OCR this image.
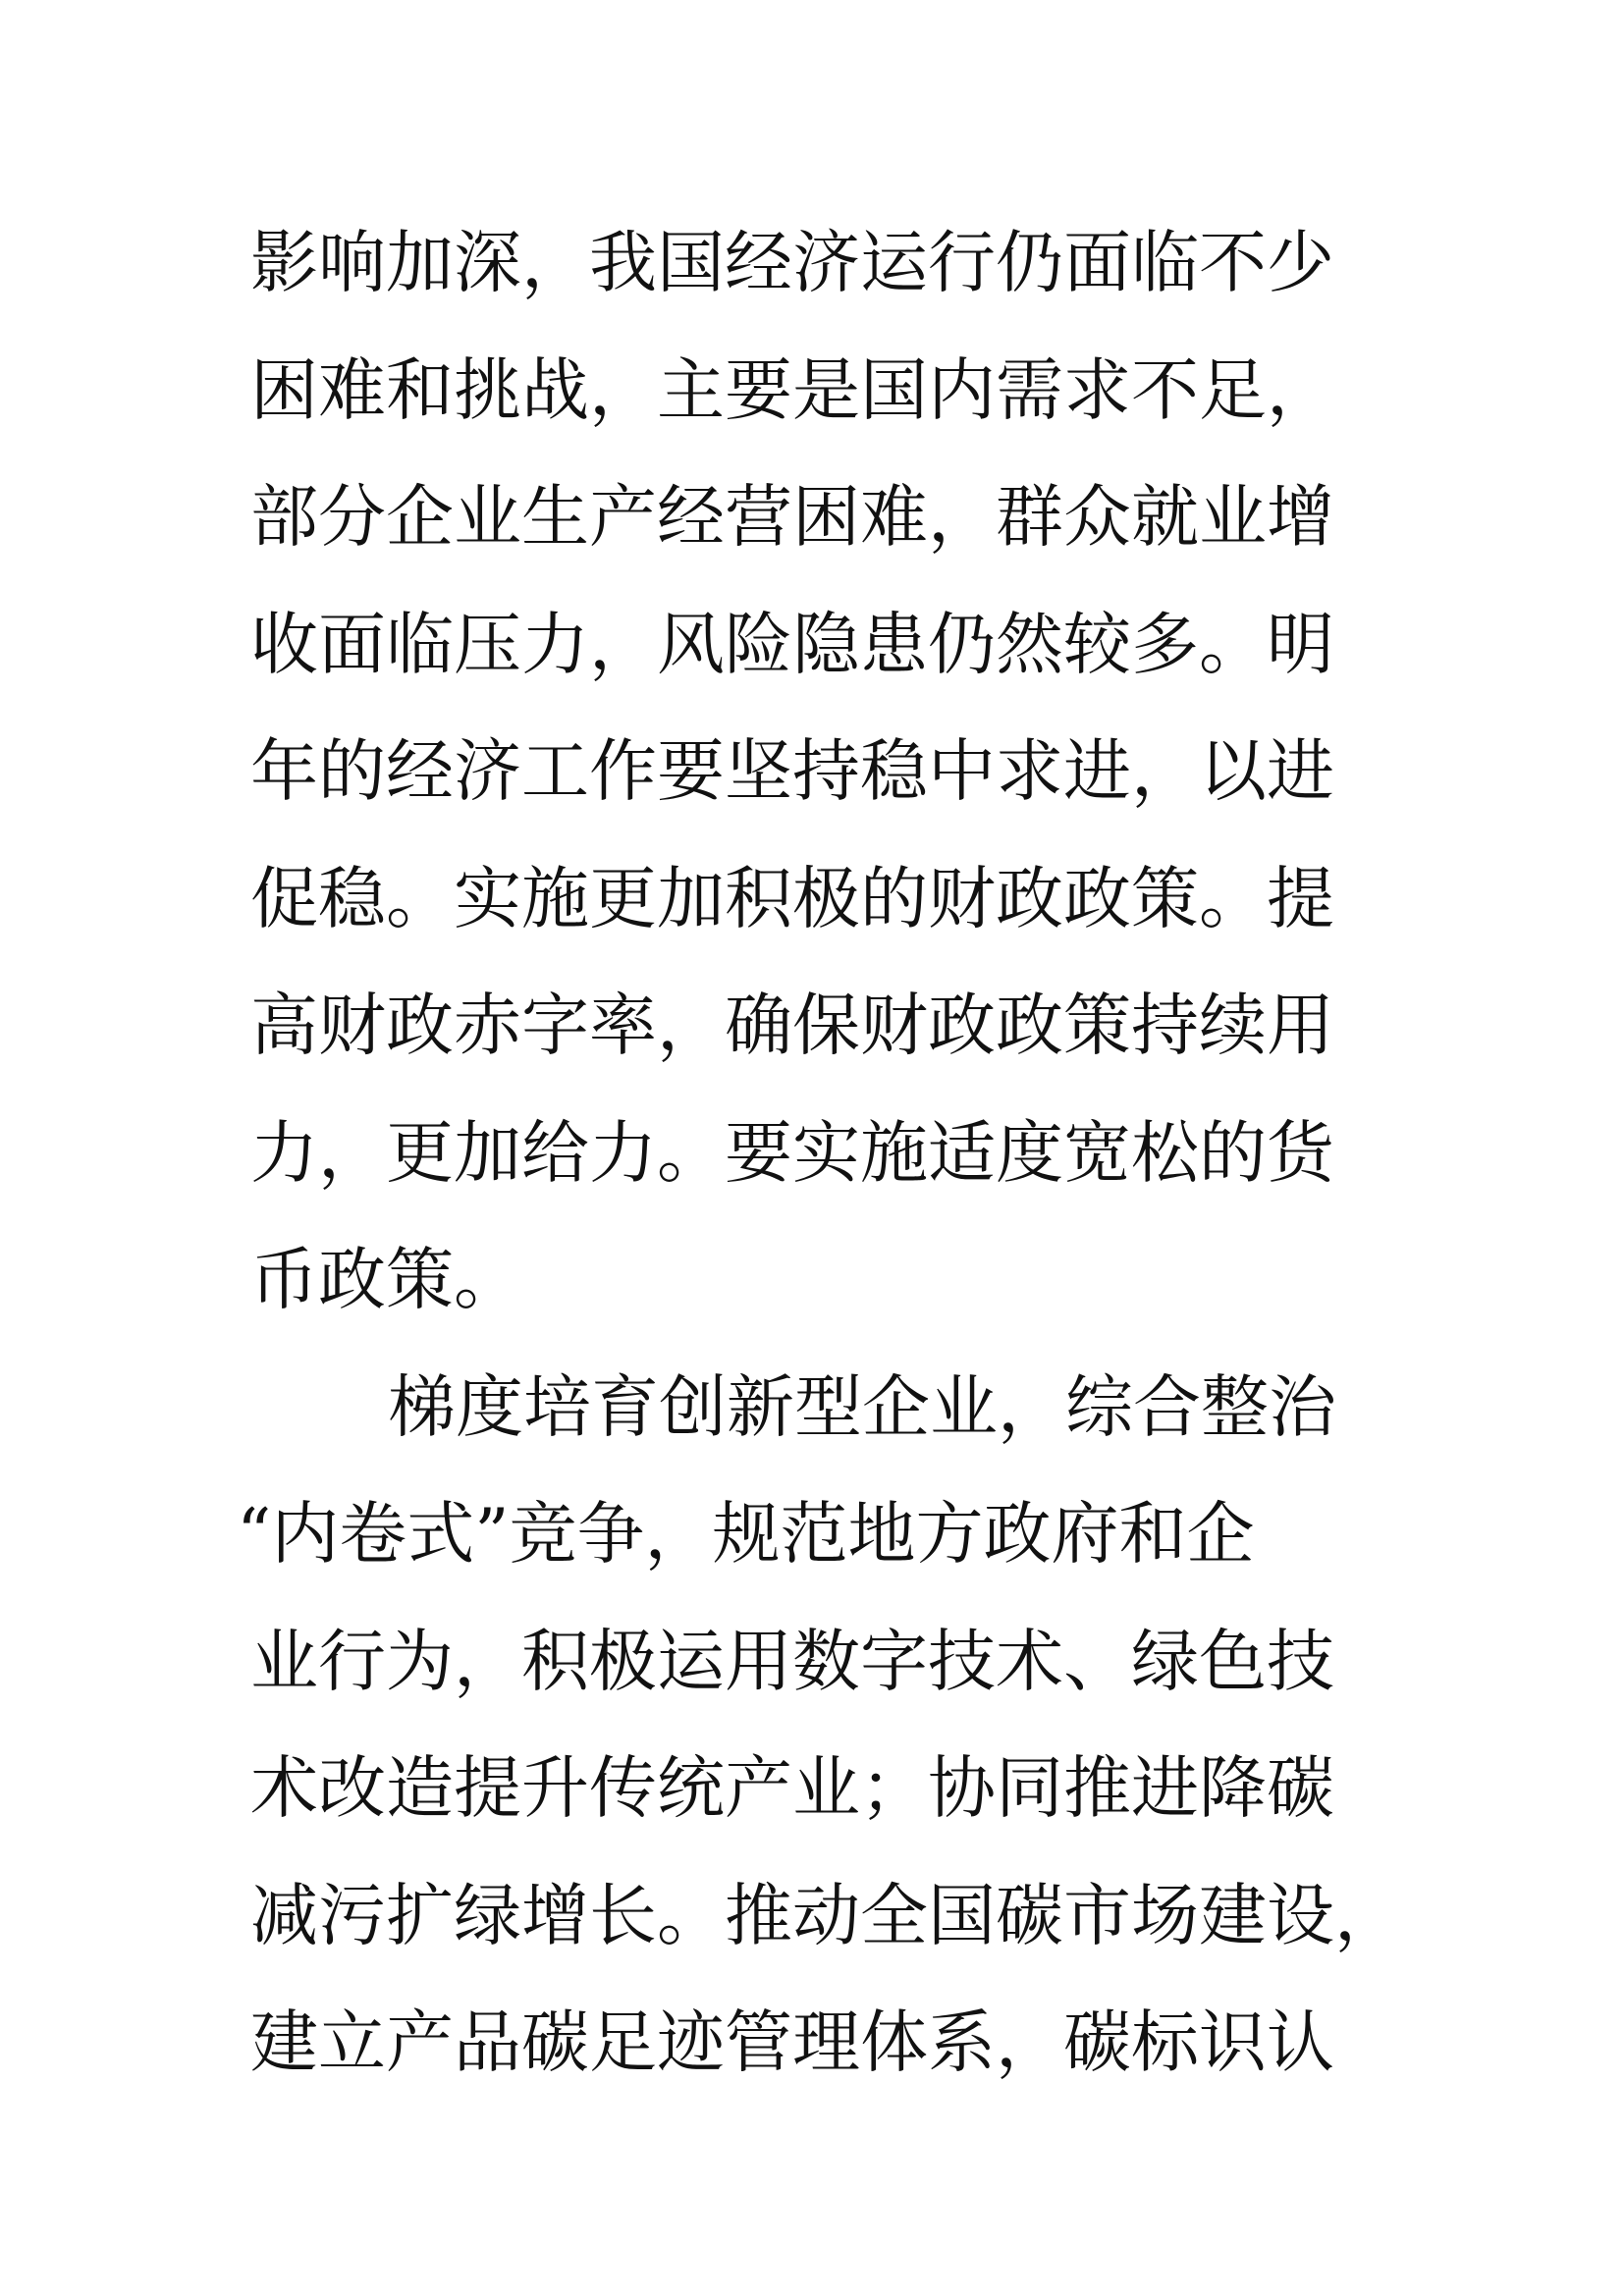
影响加深，我国经济运行仍面临不少
困难和挑战，主要是国内需求不足，
部分企业生产经营困难，群众就业增
收面临压力，风险隐患仍然较多。明
年的经济工作要坚持稳中求进，以进
促稳。实施更加积极的财政政策。提
高财政赤字率，确保财政政策持续用
力，更加给力。要实施适度宽松的货
币政策。
梯度培育创新型企业，综合整治
“内卷式”竞争，规范地方政府和企
业行为，积极运用数字技术、绿色技
术改造提升传统产业；协同推进降碳
减污扩绿增长。推动全国碳市场建设，
建立产品碳足迹管理体系，碳标识认
